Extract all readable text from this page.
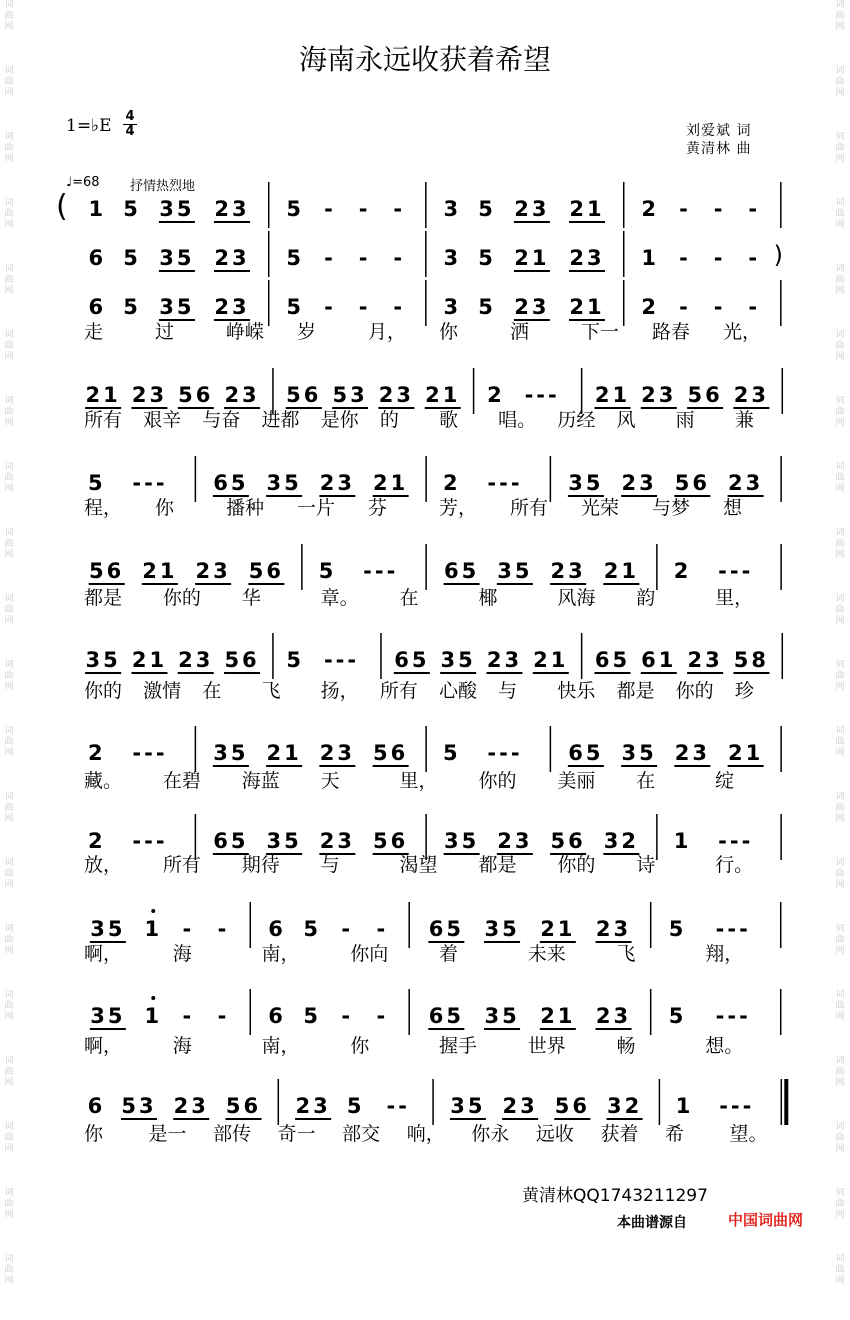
词
曲
网

词
曲
网

词
曲
网

词
曲
网

词
曲
网

词
曲
网

词
曲
网

词
曲
网

词
曲
网

词
曲
网

词
曲
网

词
曲
网

词
曲
网

词
曲
网

词
曲
网

词
曲
网

词
曲
网

词
曲
网

词
曲
网

词
曲
网

词
曲
网

词
曲
网

词
曲
网

词
曲
网

词
曲
网

词
曲
网

词
曲
网

词
曲
网

词
曲
网

词
曲
网

词
曲
网

词
曲
网

词
曲
网

词
曲
网

词
曲
网

词
曲
网

词
曲
网

词
曲
网

词
曲
网

词
曲
网

海南永远收获着希望
1=♭E 4
4	刘爱斌 词
黄清林 曲
♩=68 抒情热烈地
( 1 5 35 23 5 - - - 3 5 23 21 2 - - -
6 5 35 23 5 - - - 3 5 21 23 1 - - - )
6 5 35 23 5 - - - 3 5 23 21 2 - - -
走	过	峥嵘 岁	月， 你	洒	下一 路春 光，
21 23 56 23 56 53 23 21 2 --- 21 23 56 23
所有 艰辛 与奋 进都 是你 的 歌 唱。 历经 风 雨 兼
5 --- 65 35 23 21 2 --- 35 23 56 23
程， 你	播种 一片 芬	芳， 所有 光荣 与梦 想
56 21 23 56 5 --- 65 35 23 21 2 ---
都是 你的 华	章。 在	椰	风海 韵	里，
35 21 23 56 5 --- 65 35 23 21 65 61 23 58
你的 激情 在 飞 扬， 所有 心酸 与 快乐 都是 你的 珍
2 --- 35 21 23 56 5 --- 65 35 23 21
藏。 在碧 海蓝 天	里， 你的 美丽 在	绽
2 --- 65 35 23 56 35 23 56 32 1 ---
放， 所有 期待 与	渴望 都是 你的 诗	行。
35 1 - - 6 5 - - 65 35 21 23 5 ---
啊，	海	南，	你向	着	未来	飞	翔，
35 1 - - 6 5 - - 65 35 21 23 5 ---
啊，	海	南，	你	握手	世界	畅	想。
6 53 23 56 23 5 -- 35 23 56 32 1 ---
你 是一 部传 奇一 部交 响， 你永 远收 获着 希 望。
黄清林QQ1743211297
本曲谱源自	中国词曲网
